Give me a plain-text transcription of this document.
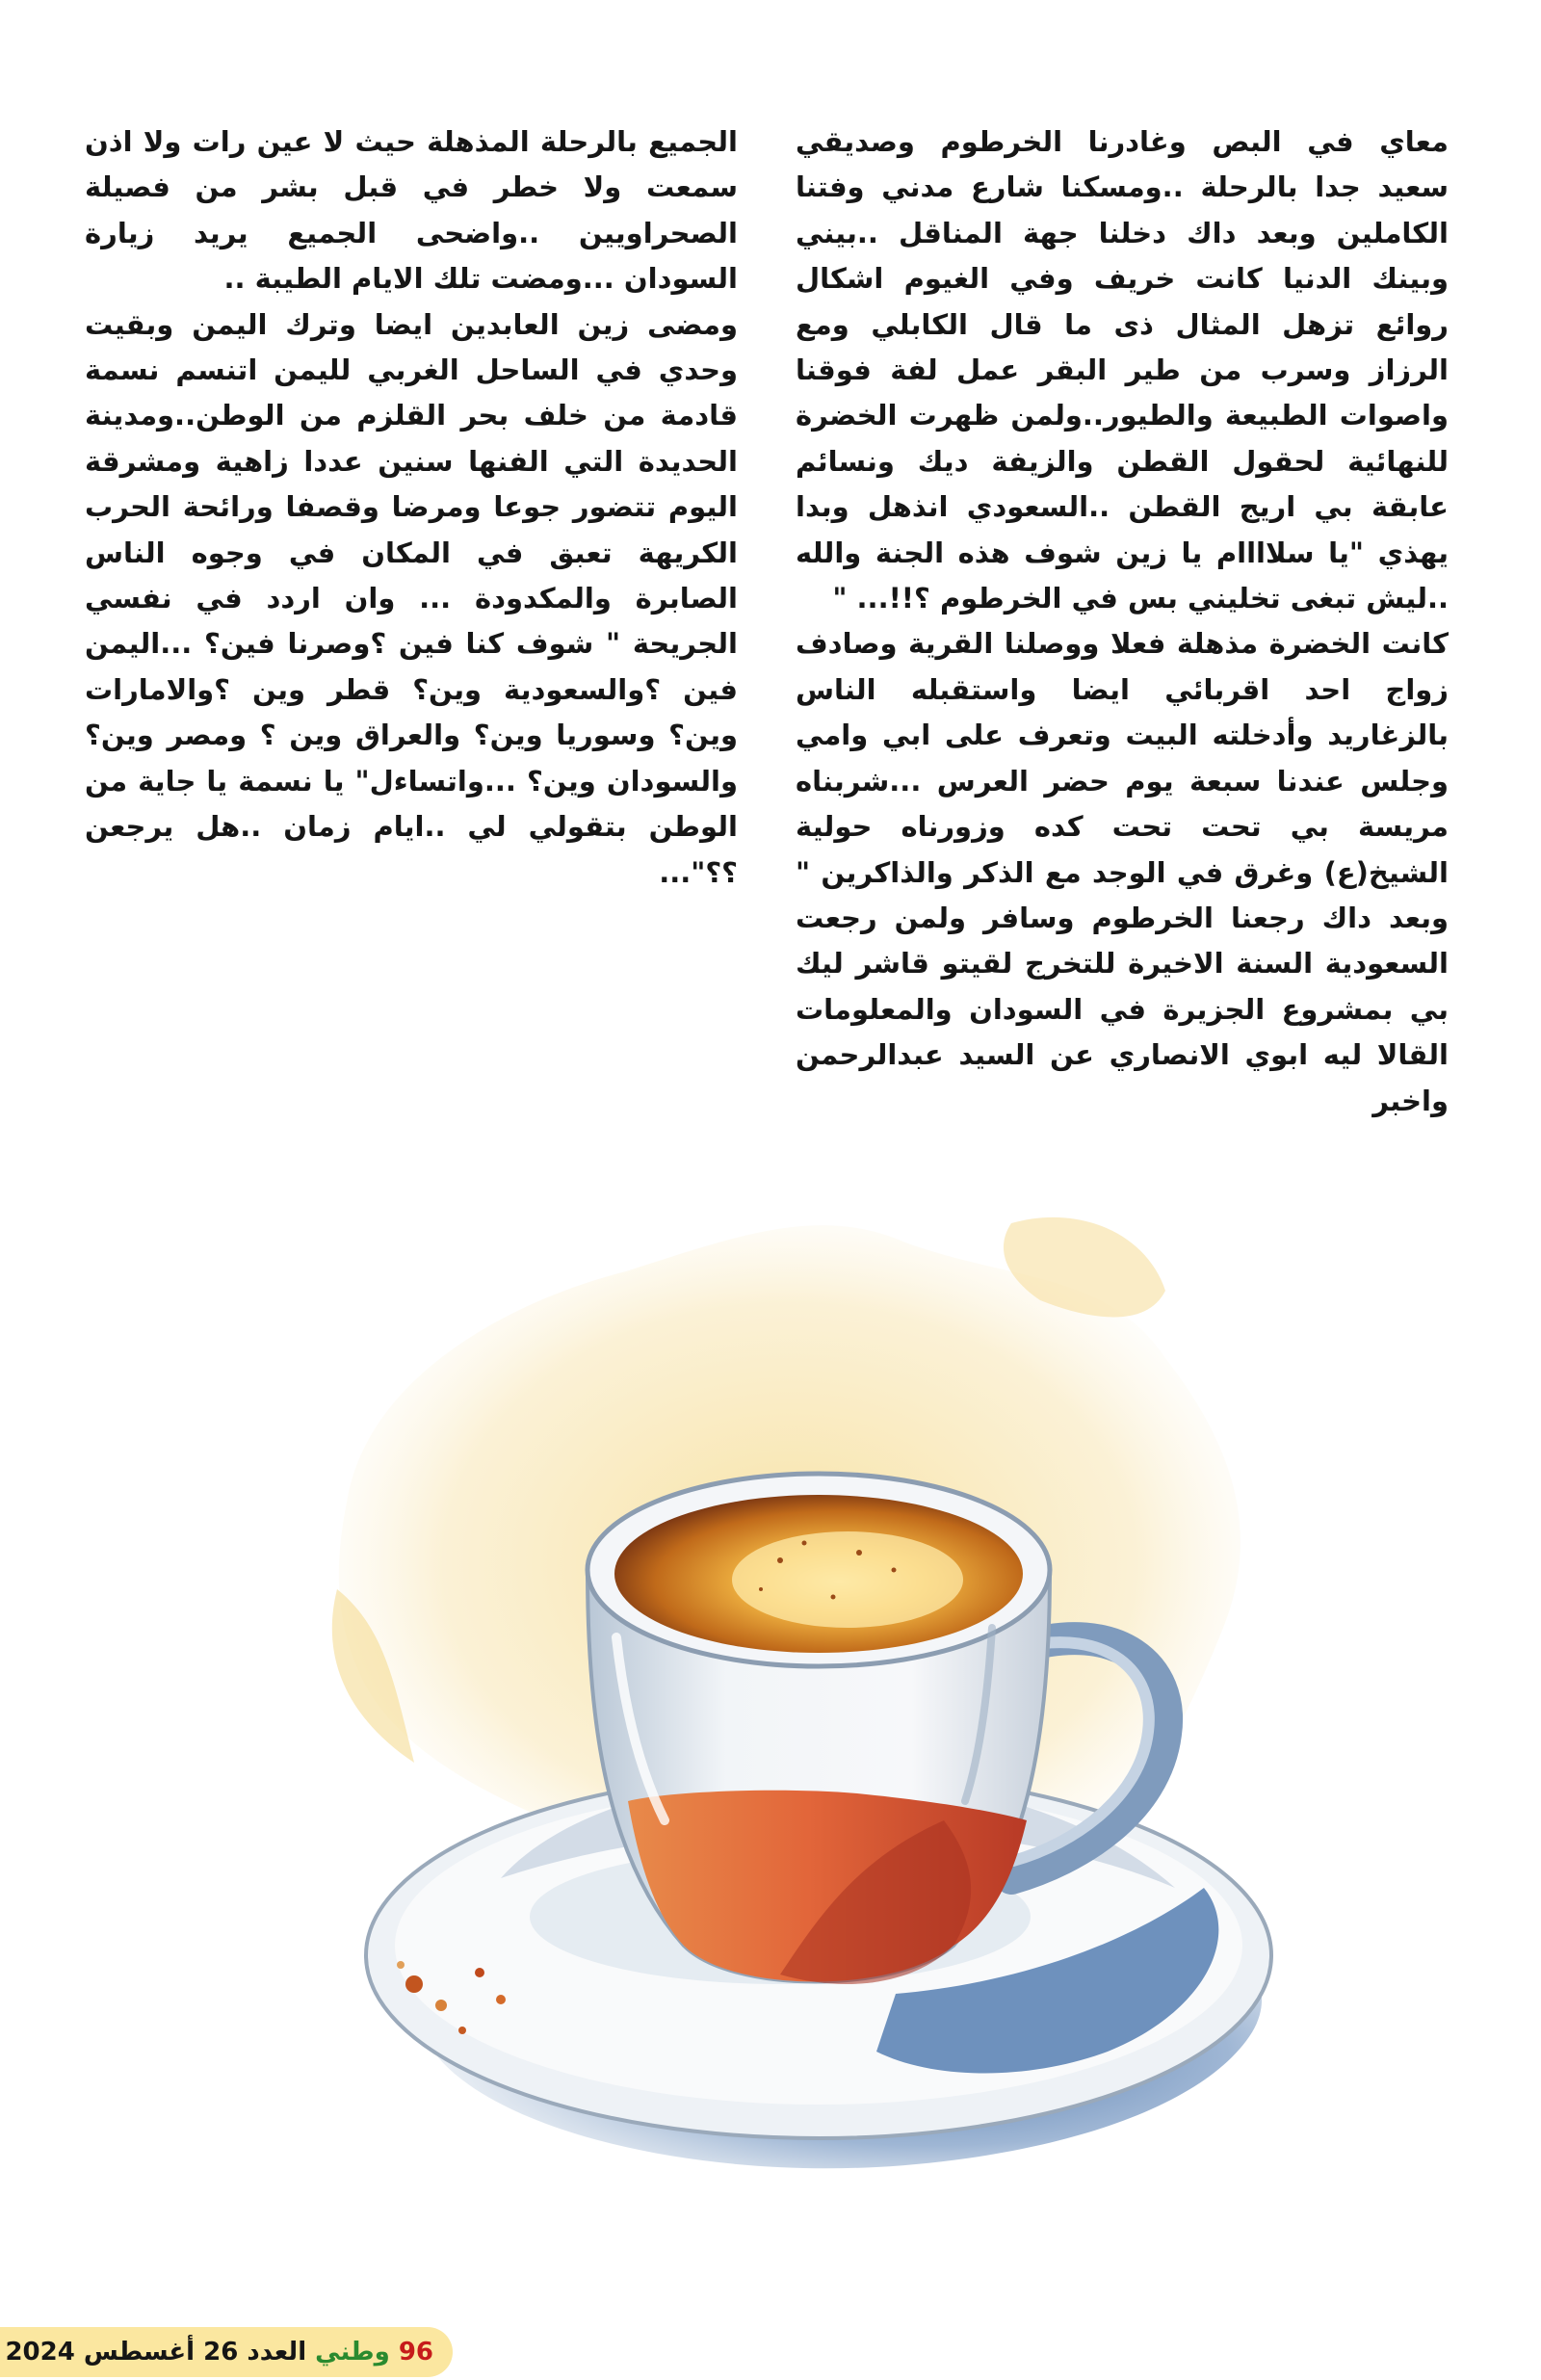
معاي في البص وغادرنا الخرطوم وصديقي سعيد جدا بالرحلة ..ومسكنا شارع مدني وفتنا الكاملين وبعد داك دخلنا جهة المناقل ..بيني وبينك الدنيا كانت خريف وفي الغيوم اشكال روائع تزهل المثال ذى ما قال الكابلي ومع الرزاز وسرب من طير البقر عمل لفة فوقنا واصوات الطبيعة والطيور..ولمن ظهرت الخضرة للنهائية لحقول القطن والزيفة ديك ونسائم عابقة بي اريج القطن ..السعودي انذهل وبدا يهذي "يا سلاااام يا زين شوف هذه الجنة والله ..ليش تبغى تخليني بس في الخرطوم ؟!!... "

كانت الخضرة مذهلة فعلا ووصلنا القرية وصادف زواج احد اقربائي ايضا واستقبله الناس بالزغاريد وأدخلته البيت وتعرف على ابي وامي وجلس عندنا سبعة يوم حضر العرس ...شربناه مريسة بي تحت تحت كده وزورناه حولية الشيخ(ع) وغرق في الوجد مع الذكر والذاكرين " وبعد داك رجعنا الخرطوم وسافر ولمن رجعت السعودية السنة الاخيرة للتخرج لقيتو قاشر ليك بي بمشروع الجزيرة في السودان والمعلومات القالا ليه ابوي الانصاري عن السيد عبدالرحمن واخبر

الجميع بالرحلة المذهلة حيث لا عين رات ولا اذن سمعت ولا خطر في قبل بشر من فصيلة الصحراويين ..واضحى الجميع يريد زيارة السودان ...ومضت تلك الايام الطيبة ..

ومضى زين العابدين ايضا وترك اليمن وبقيت وحدي في الساحل الغربي لليمن اتنسم نسمة قادمة من خلف بحر القلزم من الوطن..ومدينة الحديدة التي الفنها سنين عددا زاهية ومشرقة اليوم تتضور جوعا ومرضا وقصفا ورائحة الحرب الكريهة تعبق في المكان في وجوه الناس الصابرة والمكدودة ... وان اردد في نفسي الجريحة " شوف كنا فين ؟وصرنا فين؟ ...اليمن فين ؟والسعودية وين؟ قطر وين ؟والامارات وين؟ وسوريا وين؟ والعراق وين ؟ ومصر وين؟ والسودان وين؟ ...واتساءل" يا نسمة يا جاية من الوطن بتقولي لي ..ايام زمان ..هل يرجعن ؟؟"...

96 وطني العدد 26 أغسطس 2024
